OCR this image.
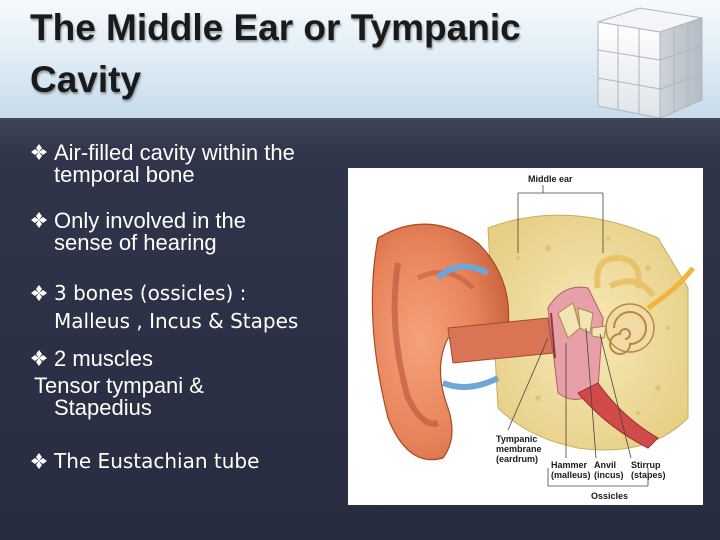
The Middle Ear or Tympanic Cavity
Air-filled cavity within the
temporal bone
Only involved in the
sense of hearing
3 bones (ossicles) :
Malleus , Incus & Stapes
2 muscles
Tensor tympani &
Stapedius
The Eustachian tube
Middle ear
Tympanic
membrane
(eardrum)
Hammer
(malleus)
Anvil
(incus)
Stirrup
(stapes)
Ossicles
